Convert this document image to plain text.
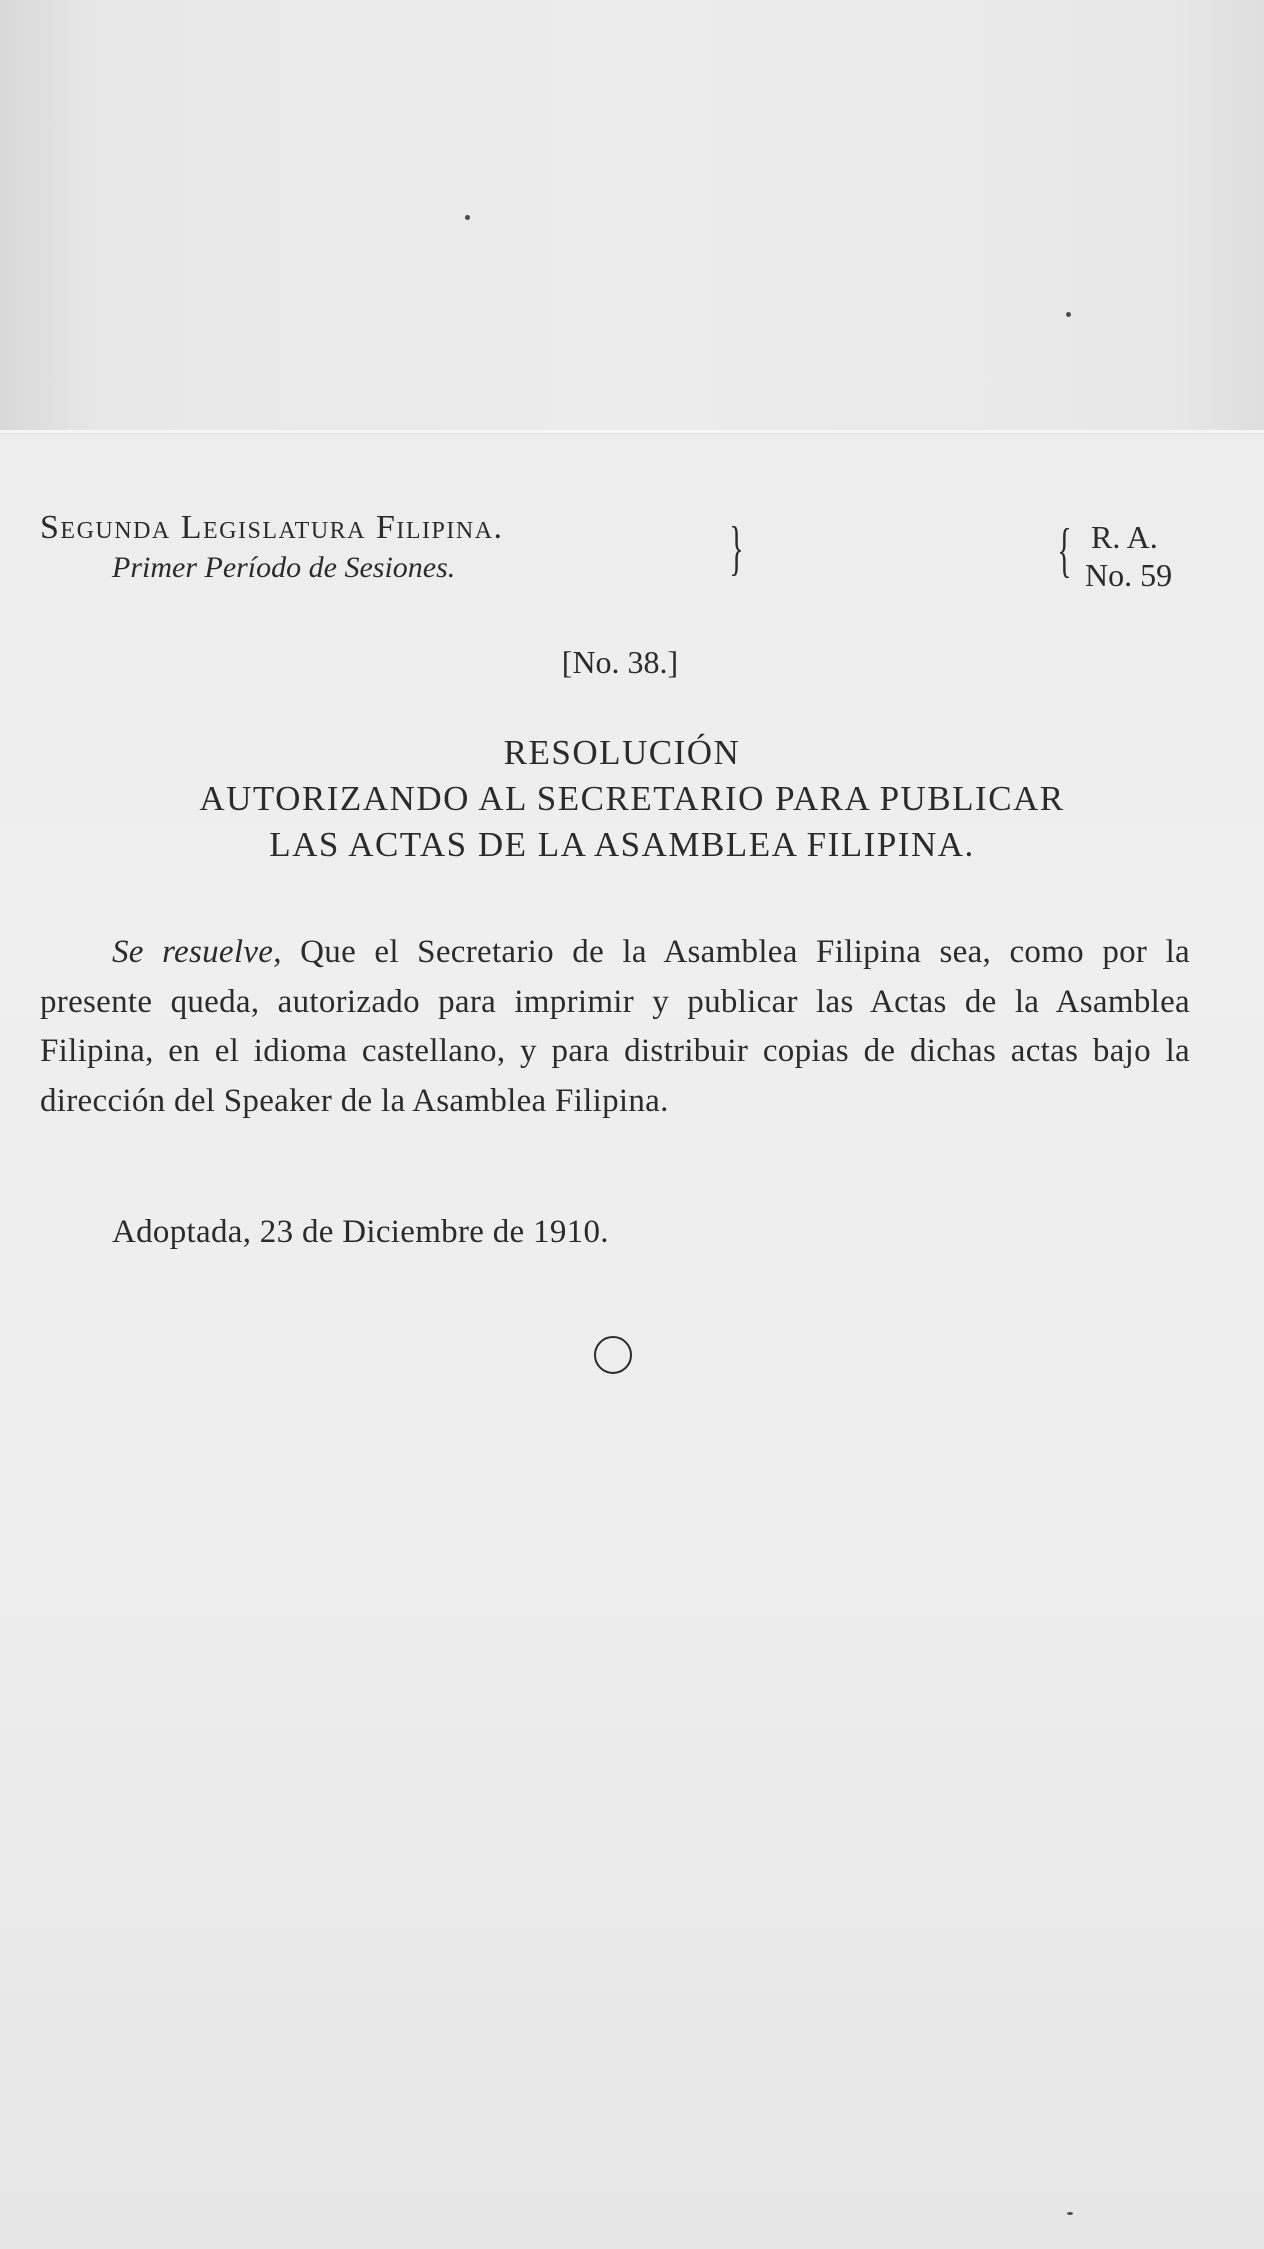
Segunda Legislatura Filipina.
Primer Período de Sesiones.	}	{ R. A.
No. 59
[No. 38.]
RESOLUCIÓN
AUTORIZANDO AL SECRETARIO PARA PUBLICAR
LAS ACTAS DE LA ASAMBLEA FILIPINA.
Se resuelve, Que el Secretario de la Asamblea Filipina sea, como por la presente queda, autorizado para imprimir y publicar las Actas de la Asamblea Filipina, en el idioma castellano, y para distribuir copias de dichas actas bajo la dirección del Speaker de la Asamblea Filipina.
Adoptada, 23 de Diciembre de 1910.
